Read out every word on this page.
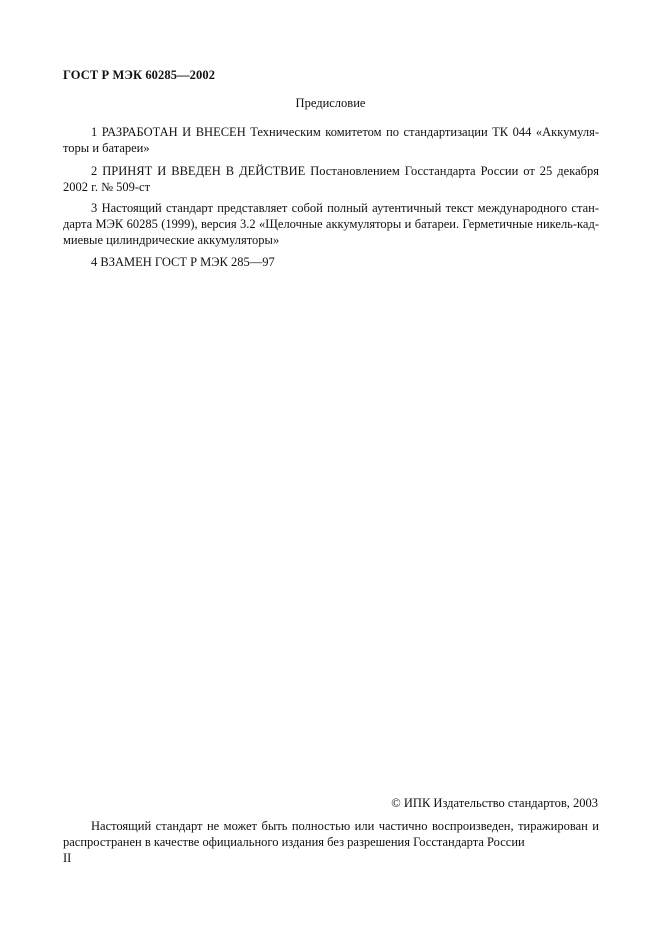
ГОСТ Р МЭК 60285—2002
Предисловие
1 РАЗРАБОТАН И ВНЕСЕН Техническим комитетом по стандартизации ТК 044 «Аккумуля-
торы и батареи»
2 ПРИНЯТ И ВВЕДЕН В ДЕЙСТВИЕ Постановлением Госстандарта России от 25 декабря
2002 г. № 509-ст
3 Настоящий стандарт представляет собой полный аутентичный текст международного стан-
дарта МЭК 60285 (1999), версия 3.2 «Щелочные аккумуляторы и батареи. Герметичные никель-кад-
миевые цилиндрические аккумуляторы»
4 ВЗАМЕН ГОСТ Р МЭК 285—97
© ИПК Издательство стандартов, 2003
Настоящий стандарт не может быть полностью или частично воспроизведен, тиражирован и
распространен в качестве официального издания без разрешения Госстандарта России
II
